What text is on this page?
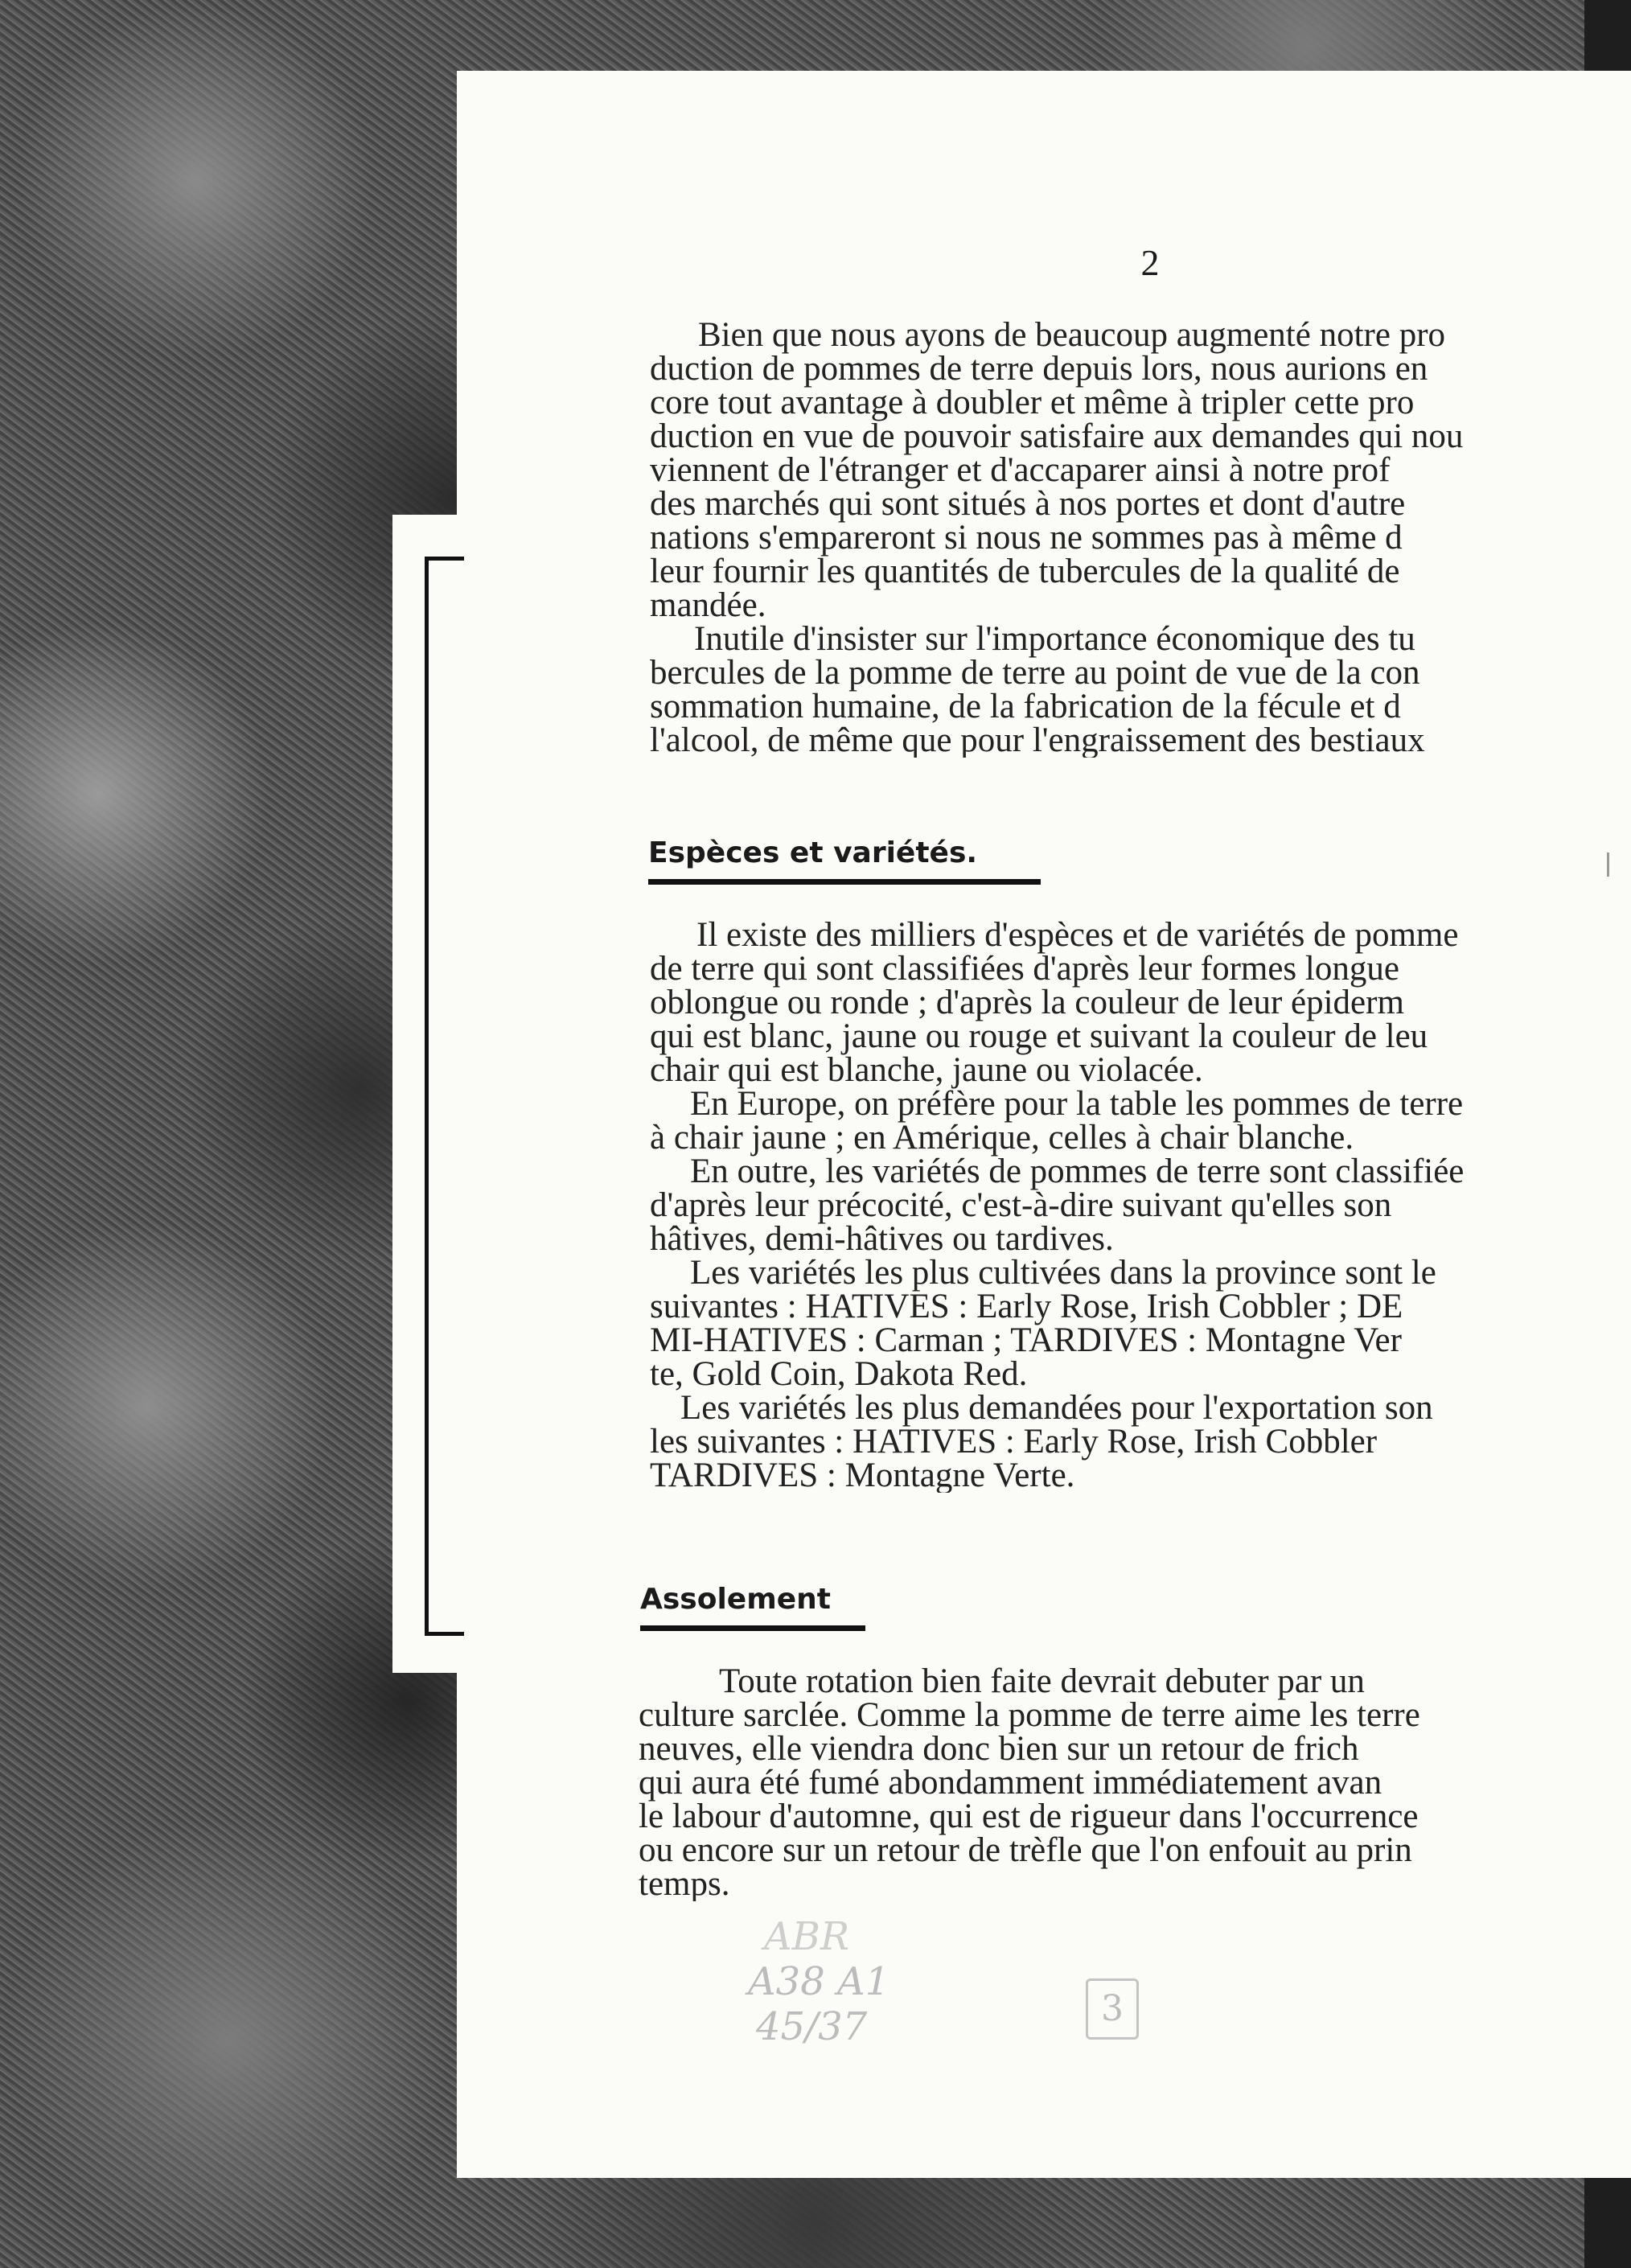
2
Bien que nous ayons de beaucoup augmenté notre pro
duction de pommes de terre depuis lors, nous aurions en
core tout avantage à doubler et même à tripler cette pro
duction en vue de pouvoir satisfaire aux demandes qui nou
viennent de l'étranger et d'accaparer ainsi à notre prof
des marchés qui sont situés à nos portes et dont d'autre
nations s'empareront si nous ne sommes pas à même d
leur fournir les quantités de tubercules de la qualité de
mandée.
Inutile d'insister sur l'importance économique des tu
bercules de la pomme de terre au point de vue de la con
sommation humaine, de la fabrication de la fécule et d
l'alcool, de même que pour l'engraissement des bestiaux
Espèces et variétés.
Il existe des milliers d'espèces et de variétés de pomme
de terre qui sont classifiées d'après leur formes longue
oblongue ou ronde ; d'après la couleur de leur épiderm
qui est blanc, jaune ou rouge et suivant la couleur de leu
chair qui est blanche, jaune ou violacée.
En Europe, on préfère pour la table les pommes de terre
à chair jaune ; en Amérique, celles à chair blanche.
En outre, les variétés de pommes de terre sont classifiée
d'après leur précocité, c'est-à-dire suivant qu'elles son
hâtives, demi-hâtives ou tardives.
Les variétés les plus cultivées dans la province sont le
suivantes : HATIVES : Early Rose, Irish Cobbler ; DE
MI-HATIVES : Carman ; TARDIVES : Montagne Ver
te, Gold Coin, Dakota Red.
Les variétés les plus demandées pour l'exportation son
les suivantes : HATIVES : Early Rose, Irish Cobbler
TARDIVES : Montagne Verte.
Assolement
Toute rotation bien faite devrait debuter par un
culture sarclée. Comme la pomme de terre aime les terre
neuves, elle viendra donc bien sur un retour de frich
qui aura été fumé abondamment immédiatement avan
le labour d'automne, qui est de rigueur dans l'occurrence
ou encore sur un retour de trèfle que l'on enfouit au prin
temps.
ABR
A38 A1
45/37	3
